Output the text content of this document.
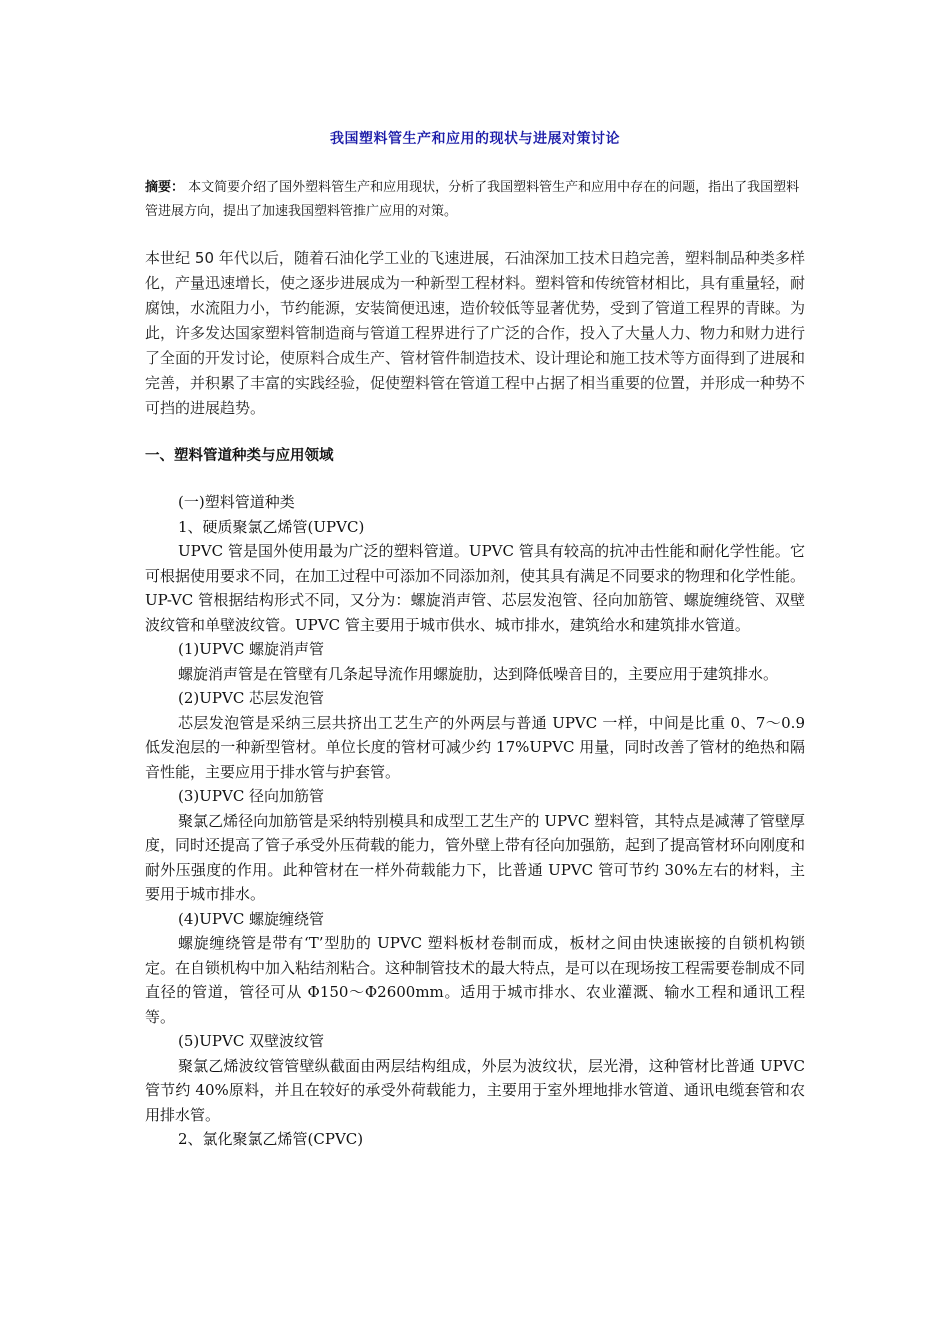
我国塑料管生产和应用的现状与进展对策讨论
摘要： 本文简要介绍了国外塑料管生产和应用现状，分析了我国塑料管生产和应用中存在的问题，指出了我国塑料管进展方向，提出了加速我国塑料管推广应用的对策。
本世纪 50 年代以后，随着石油化学工业的飞速进展，石油深加工技术日趋完善，塑料制品种类多样化，产量迅速增长，使之逐步进展成为一种新型工程材料。塑料管和传统管材相比，具有重量轻，耐腐蚀，水流阻力小，节约能源，安装简便迅速，造价较低等显著优势，受到了管道工程界的青睐。为此，许多发达国家塑料管制造商与管道工程界进行了广泛的合作，投入了大量人力、物力和财力进行了全面的开发讨论，使原料合成生产、管材管件制造技术、设计理论和施工技术等方面得到了进展和完善，并积累了丰富的实践经验，促使塑料管在管道工程中占据了相当重要的位置，并形成一种势不可挡的进展趋势。
一、塑料管道种类与应用领域

(一)塑料管道种类

1、硬质聚氯乙烯管(UPVC)

UPVC 管是国外使用最为广泛的塑料管道。UPVC 管具有较高的抗冲击性能和耐化学性能。它可根据使用要求不同，在加工过程中可添加不同添加剂，使其具有满足不同要求的物理和化学性能。UP-VC 管根据结构形式不同，又分为：螺旋消声管、芯层发泡管、径向加筋管、螺旋缠绕管、双壁波纹管和单壁波纹管。UPVC 管主要用于城市供水、城市排水，建筑给水和建筑排水管道。

(1)UPVC 螺旋消声管

螺旋消声管是在管壁有几条起导流作用螺旋肋，达到降低噪音目的，主要应用于建筑排水。

(2)UPVC 芯层发泡管

芯层发泡管是采纳三层共挤出工艺生产的外两层与普通 UPVC 一样，中间是比重 0、7～0.9 低发泡层的一种新型管材。单位长度的管材可减少约 17%UPVC 用量，同时改善了管材的绝热和隔音性能，主要应用于排水管与护套管。

(3)UPVC 径向加筋管

聚氯乙烯径向加筋管是采纳特别模具和成型工艺生产的 UPVC 塑料管，其特点是减薄了管壁厚度，同时还提高了管子承受外压荷载的能力，管外壁上带有径向加强筋，起到了提高管材环向刚度和耐外压强度的作用。此种管材在一样外荷载能力下，比普通 UPVC 管可节约 30%左右的材料，主要用于城市排水。

(4)UPVC 螺旋缠绕管

螺旋缠绕管是带有‘T’型肋的 UPVC 塑料板材卷制而成，板材之间由快速嵌接的自锁机构锁定。在自锁机构中加入粘结剂粘合。这种制管技术的最大特点，是可以在现场按工程需要卷制成不同直径的管道，管径可从 Φ150～Φ2600mm。适用于城市排水、农业灌溉、输水工程和通讯工程等。

(5)UPVC 双壁波纹管

聚氯乙烯波纹管管壁纵截面由两层结构组成，外层为波纹状，层光滑，这种管材比普通 UPVC 管节约 40%原料，并且在较好的承受外荷载能力，主要用于室外埋地排水管道、通讯电缆套管和农用排水管。

2、氯化聚氯乙烯管(CPVC)
